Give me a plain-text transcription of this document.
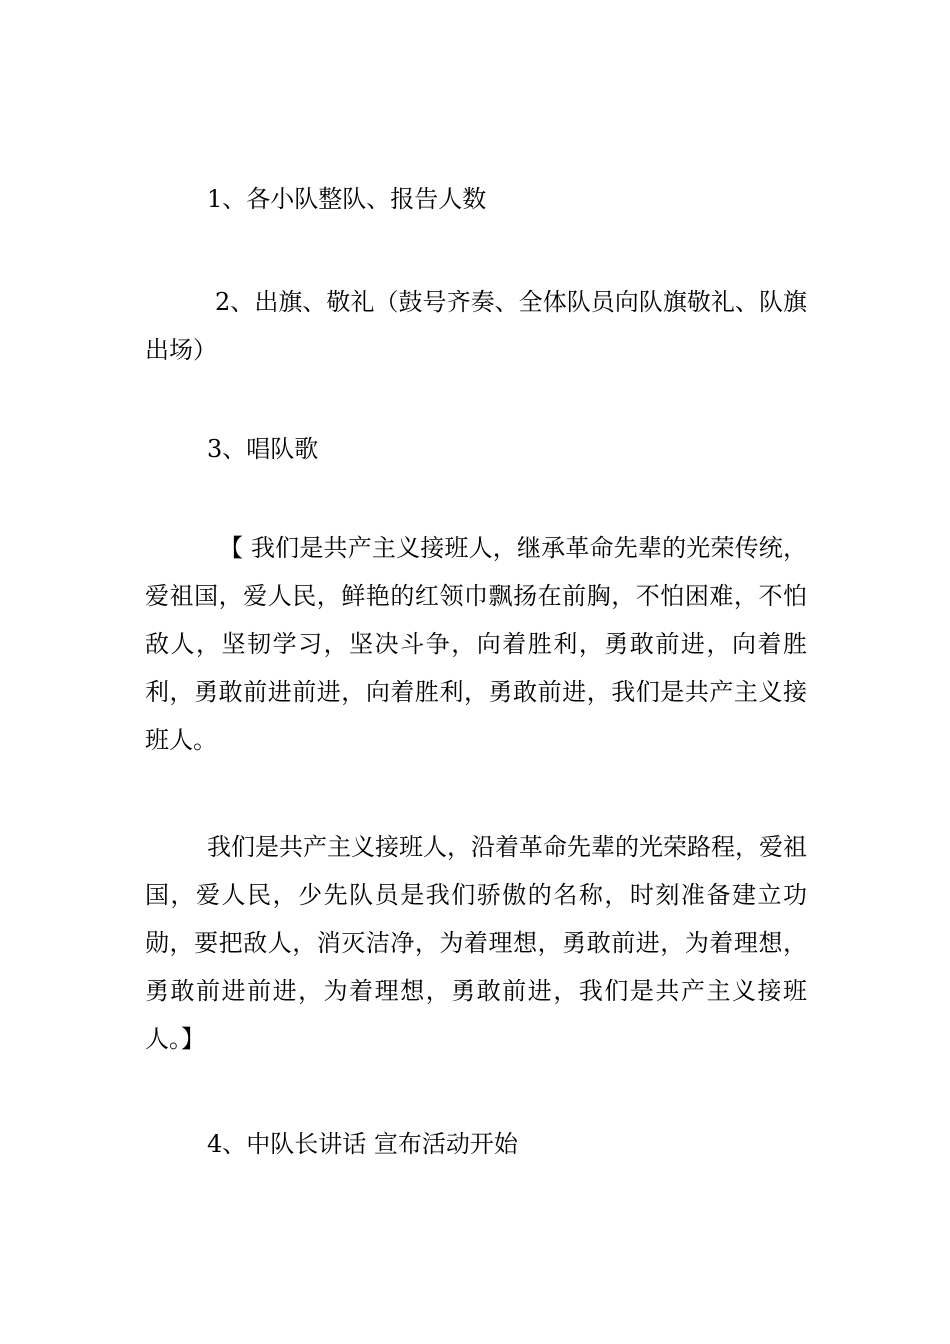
1、各小队整队、报告人数

2、出旗、敬礼（鼓号齐奏、全体队员向队旗敬礼、队旗出场）

3、唱队歌

【 我们是共产主义接班人，继承革命先辈的光荣传统，爱祖国，爱人民，鲜艳的红领巾飘扬在前胸，不怕困难，不怕敌人，坚韧学习，坚决斗争，向着胜利，勇敢前进，向着胜利，勇敢前进前进，向着胜利，勇敢前进，我们是共产主义接班人。

我们是共产主义接班人，沿着革命先辈的光荣路程，爱祖国，爱人民，少先队员是我们骄傲的名称，时刻准备建立功勋，要把敌人，消灭洁净，为着理想，勇敢前进，为着理想，勇敢前进前进，为着理想，勇敢前进，我们是共产主义接班人。】

4、中队长讲话 宣布活动开始
